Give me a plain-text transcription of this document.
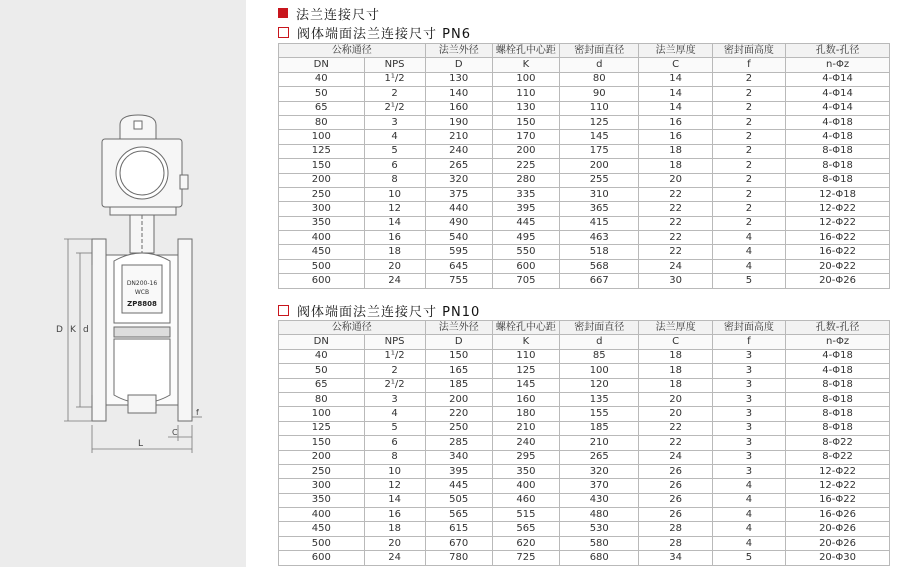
DN200-16
WCB
ZP8808
D K d
L
C
f
法兰连接尺寸
阀体端面法兰连接尺寸 PN6
公称通径		法兰外径	螺栓孔中心距	密封面直径	法兰厚度	密封面高度	孔数-孔径
DN	NPS	D	K	d	C	f	n-Φz
40	1¹/2	130	100	80	14	2	4-Φ14
50	2	140	110	90	14	2	4-Φ14
65	2¹/2	160	130	110	14	2	4-Φ14
80	3	190	150	125	16	2	4-Φ18
100	4	210	170	145	16	2	4-Φ18
125	5	240	200	175	18	2	8-Φ18
150	6	265	225	200	18	2	8-Φ18
200	8	320	280	255	20	2	8-Φ18
250	10	375	335	310	22	2	12-Φ18
300	12	440	395	365	22	2	12-Φ22
350	14	490	445	415	22	2	12-Φ22
400	16	540	495	463	22	4	16-Φ22
450	18	595	550	518	22	4	16-Φ22
500	20	645	600	568	24	4	20-Φ22
600	24	755	705	667	30	5	20-Φ26
阀体端面法兰连接尺寸 PN10
公称通径		法兰外径	螺栓孔中心距	密封面直径	法兰厚度	密封面高度	孔数-孔径
DN	NPS	D	K	d	C	f	n-Φz
40	1¹/2	150	110	85	18	3	4-Φ18
50	2	165	125	100	18	3	4-Φ18
65	2¹/2	185	145	120	18	3	8-Φ18
80	3	200	160	135	20	3	8-Φ18
100	4	220	180	155	20	3	8-Φ18
125	5	250	210	185	22	3	8-Φ18
150	6	285	240	210	22	3	8-Φ22
200	8	340	295	265	24	3	8-Φ22
250	10	395	350	320	26	3	12-Φ22
300	12	445	400	370	26	4	12-Φ22
350	14	505	460	430	26	4	16-Φ22
400	16	565	515	480	26	4	16-Φ26
450	18	615	565	530	28	4	20-Φ26
500	20	670	620	580	28	4	20-Φ26
600	24	780	725	680	34	5	20-Φ30
